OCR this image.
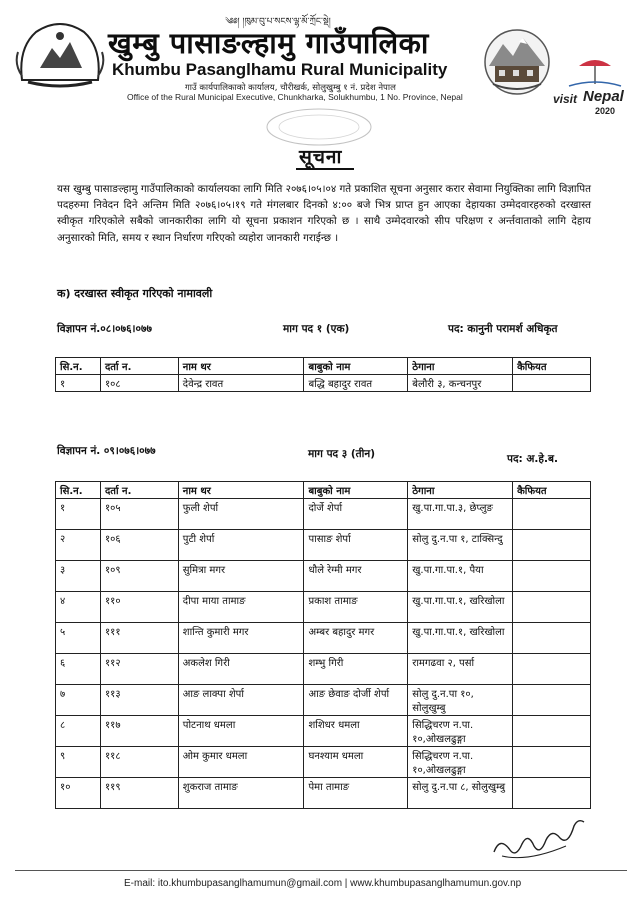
༄༅། །ཁུམ་བུ་པ་སངས་ལྷ་མོ་ཀྲོང་སྡེ།
खुम्बु पासाङल्हामु गाउँपालिका
Khumbu Pasanglhamu Rural Municipality
गाउँ कार्यपालिकाको कार्यालय, चौरीखर्क, सोलुखुम्बु १ नं. प्रदेश नेपाल
Office of the Rural Municipal Executive, Chunkharka, Solukhumbu, 1 No. Province, Nepal	visit Nepal
2020
सूचना
यस खुम्बु पासाङल्हामु गाउँपालिकाको कार्यालयका लागि मिति २०७६।०५।०४ गते प्रकाशित सूचना अनुसार करार सेवामा नियुक्तिका लागि विज्ञापित पदहरुमा निवेदन दिने अन्तिम मिति २०७६।०५।१९ गते मंगलबार दिनको ४:०० बजे भित्र प्राप्त हुन आएका देहायका उम्मेदवारहरुको दरखास्त स्वीकृत गरिएकोले सबैको जानकारीका लागि यो सूचना प्रकाशन गरिएको छ । साथै उम्मेदवारको सीप परिक्षण र अर्न्तवाताको लागि देहाय अनुसारको मिति, समय र स्थान निर्धारण गरिएको व्यहोरा जानकारी गराईन्छ ।
क) दरखास्त स्वीकृत गरिएको नामावली
विज्ञापन नं.०८।०७६।०७७	माग पद १ (एक)	पद: कानुनी परामर्श अधिकृत
सि.न.	दर्ता न.	नाम थर	बाबुको नाम	ठेगाना	कैफियत
१	१०८	देवेन्द्र रावत	बद्धि बहादुर रावत	बेलौरी ३, कन्चनपुर	
विज्ञापन नं. ०९।०७६।०७७	माग पद ३ (तीन)	पद: अ.हे.ब.
सि.न.	दर्ता न.	नाम थर	बाबुको नाम	ठेगाना	कैफियत
१	१०५	फुली शेर्पा	दोर्जे शेर्पा	खु.पा.गा.पा.३, छेप्लुङ	
२	१०६	पुटी शेर्पा	पासाङ शेर्पा	सोलु दु.न.पा १, टाक्सिन्दु	
३	१०९	सुमित्रा मगर	धौले रेग्मी मगर	खु.पा.गा.पा.१, पैया	
४	११०	दीपा माया तामाङ	प्रकाश तामाङ	खु.पा.गा.पा.१, खरिखोला	
५	१११	शान्ति कुमारी मगर	अम्बर बहादुर मगर	खु.पा.गा.पा.१, खरिखोला	
६	११२	अकलेश गिरी	शम्भु गिरी	रामगढवा २, पर्सा	
७	११३	आङ लाक्पा शेर्पा	आङ छेवाङ दोर्जी शेर्पा	सोलु दु.न.पा १०, सोलुखुम्बु	
८	११७	पोटनाथ धमला	शशिधर धमला	सिद्धिचरण न.पा. १०,ओखलढुङ्गा	
९	११८	ओम कुमार धमला	घनश्याम धमला	सिद्धिचरण न.पा. १०,ओखलढुङ्गा	
१०	११९	शुकराज तामाङ	पेमा तामाङ	सोलु दु.न.पा ८, सोलुखुम्बु	
E-mail: ito.khumbupasanglhamumun@gmail.com | www.khumbupasanglhamumun.gov.np
